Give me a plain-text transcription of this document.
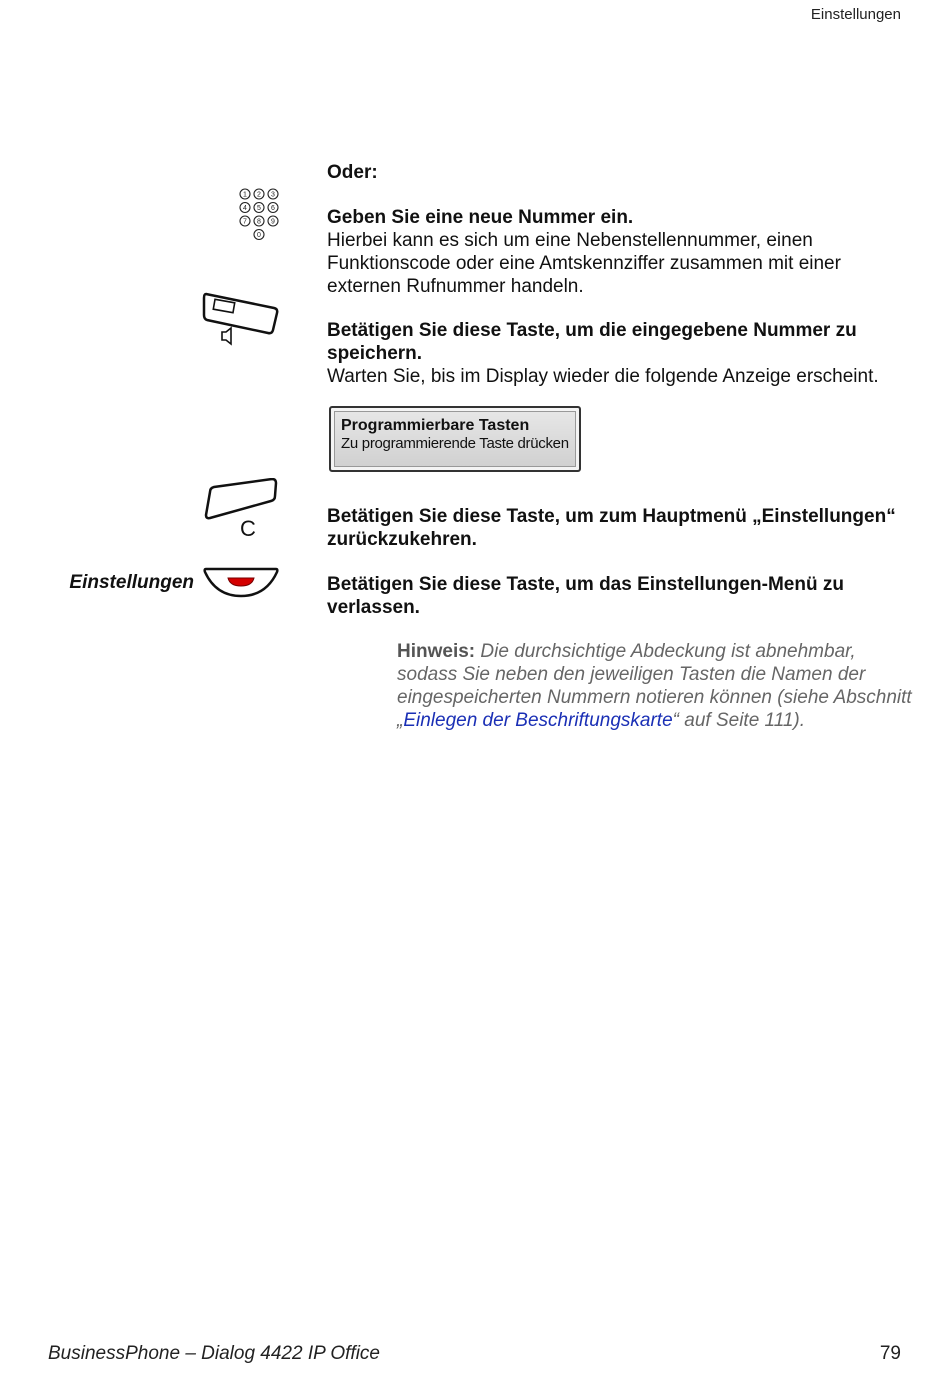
Einstellungen
Oder:
1 2 3
4 5 6
7 8 9
0
Geben Sie eine neue Nummer ein.
Hierbei kann es sich um eine Nebenstellennummer, einen Funktionscode oder eine Amtskennziffer zusammen mit einer externen Rufnummer handeln.
Betätigen Sie diese Taste, um die eingegebene Nummer zu speichern.
Warten Sie, bis im Display wieder die folgende Anzeige erscheint.
Programmierbare Tasten
Zu programmierende Taste drücken
C	Betätigen Sie diese Taste, um zum Hauptmenü „Einstellungen“ zurückzukehren.
Einstellungen	Betätigen Sie diese Taste, um das Einstellungen-Menü zu verlassen.
Hinweis: Die durchsichtige Abdeckung ist abnehmbar, sodass Sie neben den jeweiligen Tasten die Namen der eingespeicherten Nummern notieren können (siehe Abschnitt „Einlegen der Beschriftungskarte“ auf Seite 111).
BusinessPhone – Dialog 4422 IP Office	79
